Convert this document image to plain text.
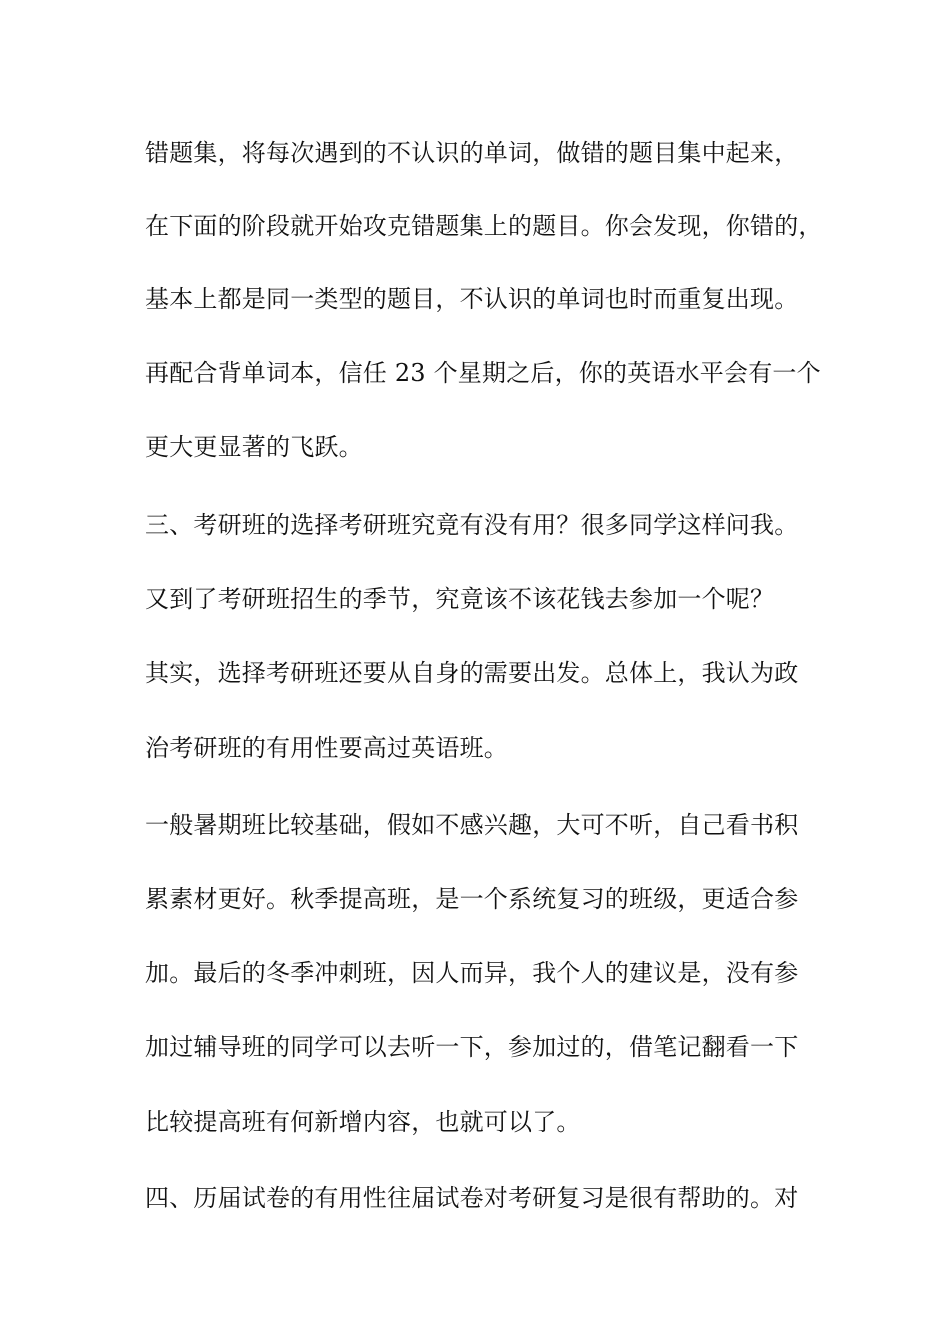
错题集，将每次遇到的不认识的单词，做错的题目集中起来，
在下面的阶段就开始攻克错题集上的题目。你会发现，你错的，
基本上都是同一类型的题目，不认识的单词也时而重复出现。
再配合背单词本，信任 23 个星期之后，你的英语水平会有一个
更大更显著的飞跃。
三、考研班的选择考研班究竟有没有用？很多同学这样问我。
又到了考研班招生的季节，究竟该不该花钱去参加一个呢？
其实，选择考研班还要从自身的需要出发。总体上，我认为政
治考研班的有用性要高过英语班。
一般暑期班比较基础，假如不感兴趣，大可不听，自己看书积
累素材更好。秋季提高班，是一个系统复习的班级，更适合参
加。最后的冬季冲刺班，因人而异，我个人的建议是，没有参
加过辅导班的同学可以去听一下，参加过的，借笔记翻看一下
比较提高班有何新增内容，也就可以了。
四、历届试卷的有用性往届试卷对考研复习是很有帮助的。对
